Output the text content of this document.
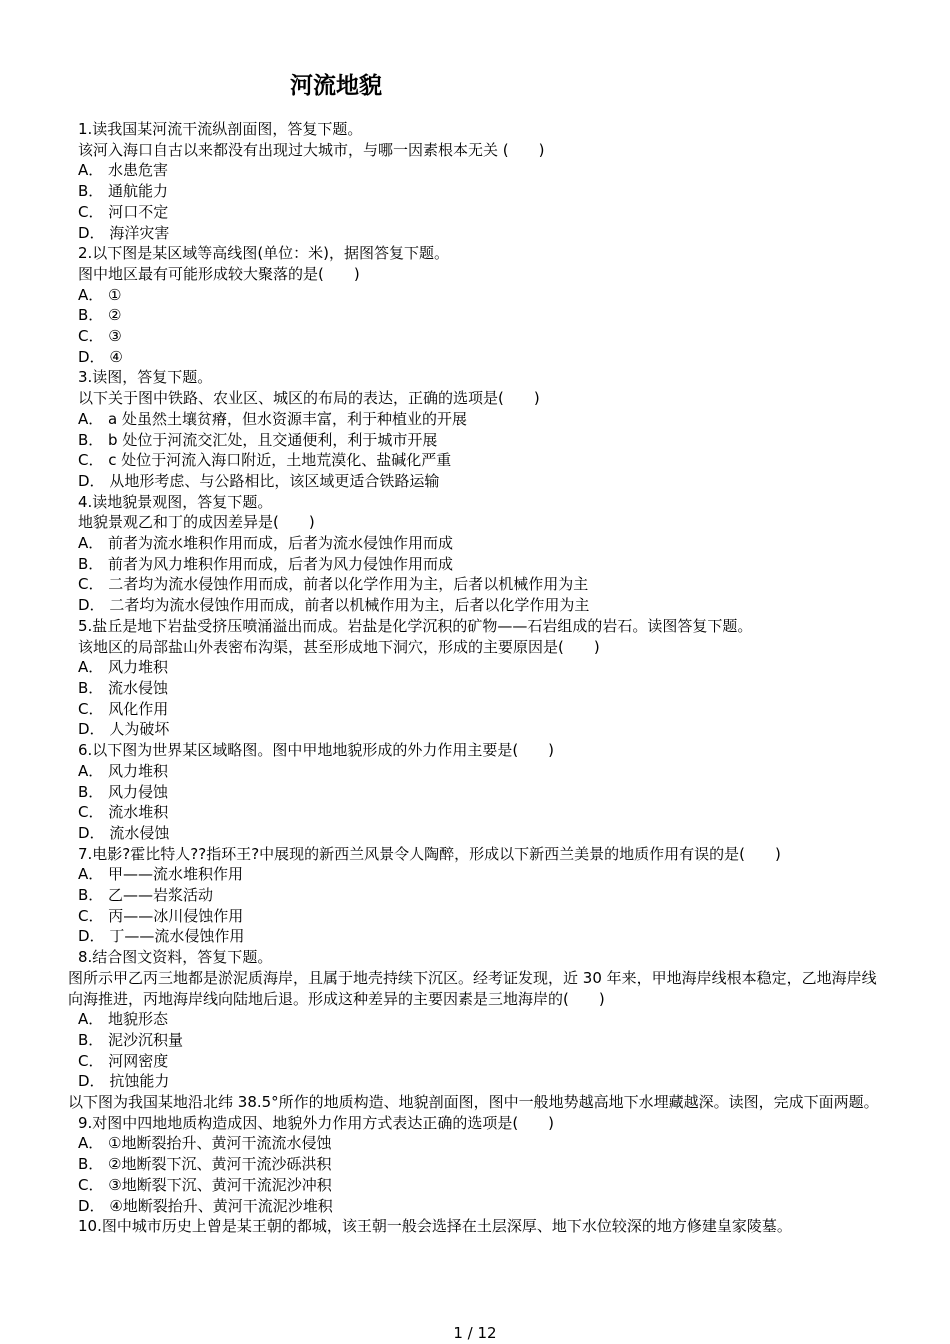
河流地貌
1.读我国某河流干流纵剖面图，答复下题。
该河入海口自古以来都没有出现过大城市，与哪一因素根本无关 (　　)
A． 水患危害
B． 通航能力
C． 河口不定
D． 海洋灾害
2.以下图是某区域等高线图(单位：米)，据图答复下题。
图中地区最有可能形成较大聚落的是(　　)
A． ①
B． ②
C． ③
D． ④
3.读图，答复下题。
以下关于图中铁路、农业区、城区的布局的表达，正确的选项是(　　)
A． a 处虽然土壤贫瘠，但水资源丰富，利于种植业的开展
B． b 处位于河流交汇处，且交通便利，利于城市开展
C． c 处位于河流入海口附近，土地荒漠化、盐碱化严重
D． 从地形考虑、与公路相比，该区域更适合铁路运输
4.读地貌景观图，答复下题。
地貌景观乙和丁的成因差异是(　　)
A． 前者为流水堆积作用而成，后者为流水侵蚀作用而成
B． 前者为风力堆积作用而成，后者为风力侵蚀作用而成
C． 二者均为流水侵蚀作用而成，前者以化学作用为主，后者以机械作用为主
D． 二者均为流水侵蚀作用而成，前者以机械作用为主，后者以化学作用为主
5.盐丘是地下岩盐受挤压喷涌溢出而成。岩盐是化学沉积的矿物——石岩组成的岩石。读图答复下题。
该地区的局部盐山外表密布沟渠，甚至形成地下洞穴，形成的主要原因是(　　)
A． 风力堆积
B． 流水侵蚀
C． 风化作用
D． 人为破坏
6.以下图为世界某区域略图。图中甲地地貌形成的外力作用主要是(　　)
A． 风力堆积
B． 风力侵蚀
C． 流水堆积
D． 流水侵蚀
7.电影?霍比特人??指环王?中展现的新西兰风景令人陶醉，形成以下新西兰美景的地质作用有误的是(　　)
A． 甲——流水堆积作用
B． 乙——岩浆活动
C． 丙——冰川侵蚀作用
D． 丁——流水侵蚀作用
8.结合图文资料，答复下题。
图所示甲乙丙三地都是淤泥质海岸，且属于地壳持续下沉区。经考证发现，近 30 年来，甲地海岸线根本稳定，乙地海岸线向海推进，丙地海岸线向陆地后退。形成这种差异的主要因素是三地海岸的(　　)
A． 地貌形态
B． 泥沙沉积量
C． 河网密度
D． 抗蚀能力
以下图为我国某地沿北纬 38.5°所作的地质构造、地貌剖面图，图中一般地势越高地下水埋藏越深。读图，完成下面两题。
9.对图中四地地质构造成因、地貌外力作用方式表达正确的选项是(　　)
A． ①地断裂抬升、黄河干流流水侵蚀
B． ②地断裂下沉、黄河干流沙砾洪积
C． ③地断裂下沉、黄河干流泥沙冲积
D． ④地断裂抬升、黄河干流泥沙堆积
10.图中城市历史上曾是某王朝的都城，该王朝一般会选择在土层深厚、地下水位较深的地方修建皇家陵墓。
1 / 12
